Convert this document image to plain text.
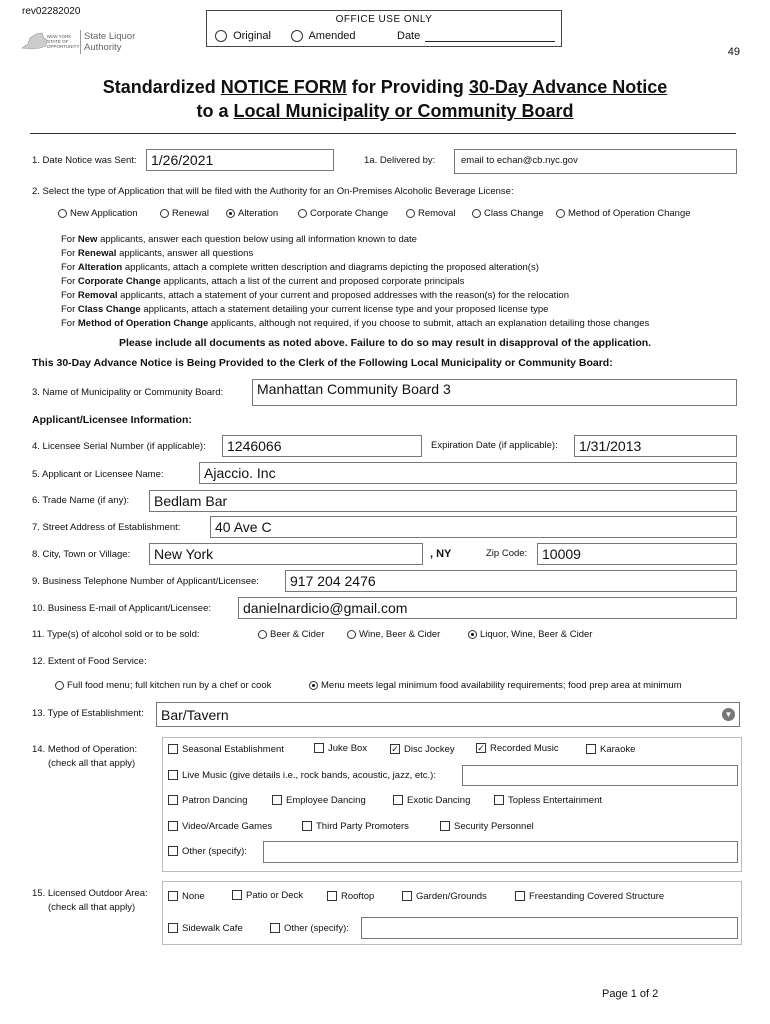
rev02282020
NEW YORK STATE OF OPPORTUNITY
State Liquor
Authority
OFFICE USE ONLY
Original	Amended	Date
49
Standardized NOTICE FORM for Providing 30-Day Advance Notice
to a Local Municipality or Community Board
1. Date Notice was Sent:	1/26/2021	1a. Delivered by:	email to echan@cb.nyc.gov
2. Select the type of Application that will be filed with the Authority for an On-Premises Alcoholic Beverage License:
New Application	Renewal	Alteration	Corporate Change	Removal	Class Change	Method of Operation Change
For New applicants, answer each question below using all information known to date
For Renewal applicants, answer all questions
For Alteration applicants, attach a complete written description and diagrams depicting the proposed alteration(s)
For Corporate Change applicants, attach a list of the current and proposed corporate principals
For Removal applicants, attach a statement of your current and proposed addresses with the reason(s) for the relocation
For Class Change applicants, attach a statement detailing your current license type and your proposed license type
For Method of Operation Change applicants, although not required, if you choose to submit, attach an explanation detailing those changes
Please include all documents as noted above. Failure to do so may result in disapproval of the application.
This 30-Day Advance Notice is Being Provided to the Clerk of the Following Local Municipality or Community Board:
3. Name of Municipality or Community Board:	Manhattan Community Board 3
Applicant/Licensee Information:
4. Licensee Serial Number (if applicable):	1246066	Expiration Date (if applicable):	1/31/2013
5. Applicant or Licensee Name:	Ajaccio. Inc
6. Trade Name (if any):	Bedlam Bar
7. Street Address of Establishment:	40 Ave C
8. City, Town or Village:	New York	, NY	Zip Code:	10009
9. Business Telephone Number of Applicant/Licensee:	917 204 2476
10. Business E-mail of Applicant/Licensee:	danielnardicio@gmail.com
11. Type(s) of alcohol sold or to be sold:	Beer & Cider	Wine, Beer & Cider	Liquor, Wine, Beer & Cider
12. Extent of Food Service:
Full food menu; full kitchen run by a chef or cook	Menu meets legal minimum food availability requirements; food prep area at minimum
13. Type of Establishment:	Bar/Tavern	▼
14. Method of Operation:
(check all that apply)
Seasonal Establishment	Juke Box	✓ Disc Jockey	✓ Recorded Music	Karaoke
Live Music (give details i.e., rock bands, acoustic, jazz, etc.):
Patron Dancing	Employee Dancing	Exotic Dancing	Topless Entertainment
Video/Arcade Games	Third Party Promoters	Security Personnel
Other (specify):
15. Licensed Outdoor Area:
(check all that apply)
None	Patio or Deck	Rooftop	Garden/Grounds	Freestanding Covered Structure
Sidewalk Cafe	Other (specify):
Page 1 of 2
